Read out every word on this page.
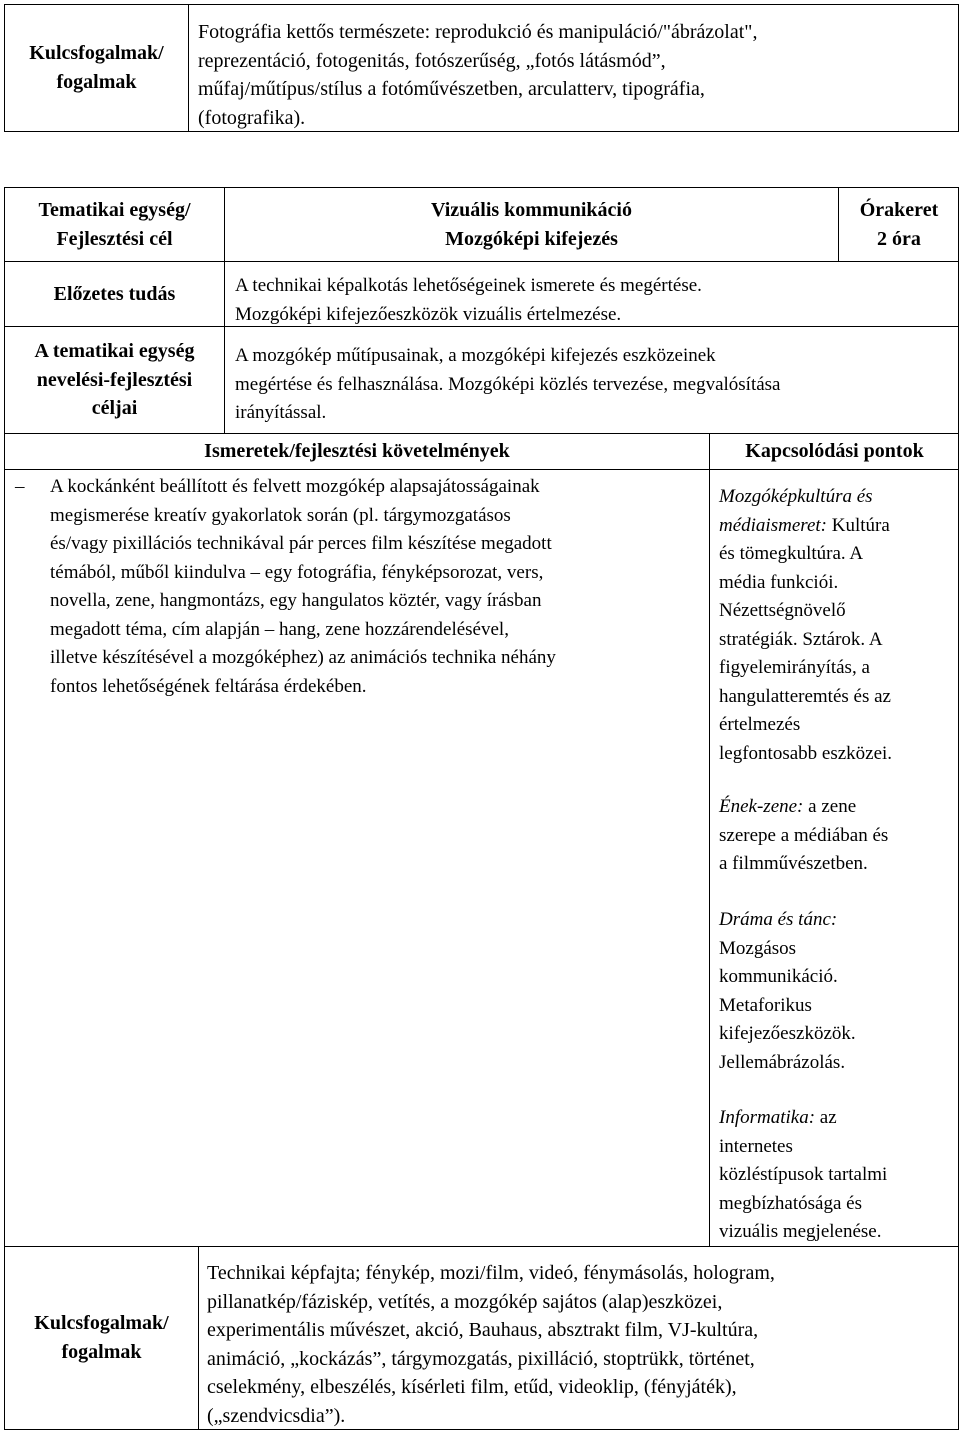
Kulcsfogalmak/
fogalmak
Fotográfia kettős természete: reprodukció és manipuláció/"ábrázolat",
reprezentáció, fotogenitás, fotószerűség, „fotós látásmód”,
műfaj/műtípus/stílus a fotóművészetben, arculatterv, tipográfia,
(fotografika).
Tematikai egység/
Fejlesztési cél
Vizuális kommunikáció
Mozgóképi kifejezés
Órakeret
2 óra
Előzetes tudás	A technikai képalkotás lehetőségeinek ismerete és megértése.
Mozgóképi kifejezőeszközök vizuális értelmezése.
A tematikai egység
nevelési-fejlesztési
céljai
A mozgókép műtípusainak, a mozgóképi kifejezés eszközeinek
megértése és felhasználása. Mozgóképi közlés tervezése, megvalósítása
irányítással.
Ismeretek/fejlesztési követelmények	Kapcsolódási pontok
– A kockánként beállított és felvett mozgókép alapsajátosságainak
megismerése kreatív gyakorlatok során (pl. tárgymozgatásos
és/vagy pixillációs technikával pár perces film készítése megadott
témából, műből kiindulva – egy fotográfia, fényképsorozat, vers,
novella, zene, hangmontázs, egy hangulatos köztér, vagy írásban
megadott téma, cím alapján – hang, zene hozzárendelésével,
illetve készítésével a mozgóképhez) az animációs technika néhány
fontos lehetőségének feltárása érdekében.
Mozgóképkultúra és
médiaismeret: Kultúra
és tömegkultúra. A
média funkciói.
Nézettségnövelő
stratégiák. Sztárok. A
figyelemirányítás, a
hangulatteremtés és az
értelmezés
legfontosabb eszközei.
Ének-zene: a zene
szerepe a médiában és
a filmművészetben.
Dráma és tánc:
Mozgásos
kommunikáció.
Metaforikus
kifejezőeszközök.
Jellemábrázolás.
Informatika: az
internetes
közléstípusok tartalmi
megbízhatósága és
vizuális megjelenése.
Kulcsfogalmak/
fogalmak
Technikai képfajta; fénykép, mozi/film, videó, fénymásolás, hologram,
pillanatkép/fáziskép, vetítés, a mozgókép sajátos (alap)eszközei,
experimentális művészet, akció, Bauhaus, absztrakt film, VJ-kultúra,
animáció, „kockázás”, tárgymozgatás, pixilláció, stoptrükk, történet,
cselekmény, elbeszélés, kísérleti film, etűd, videoklip, (fényjáték),
(„szendvicsdia”).
